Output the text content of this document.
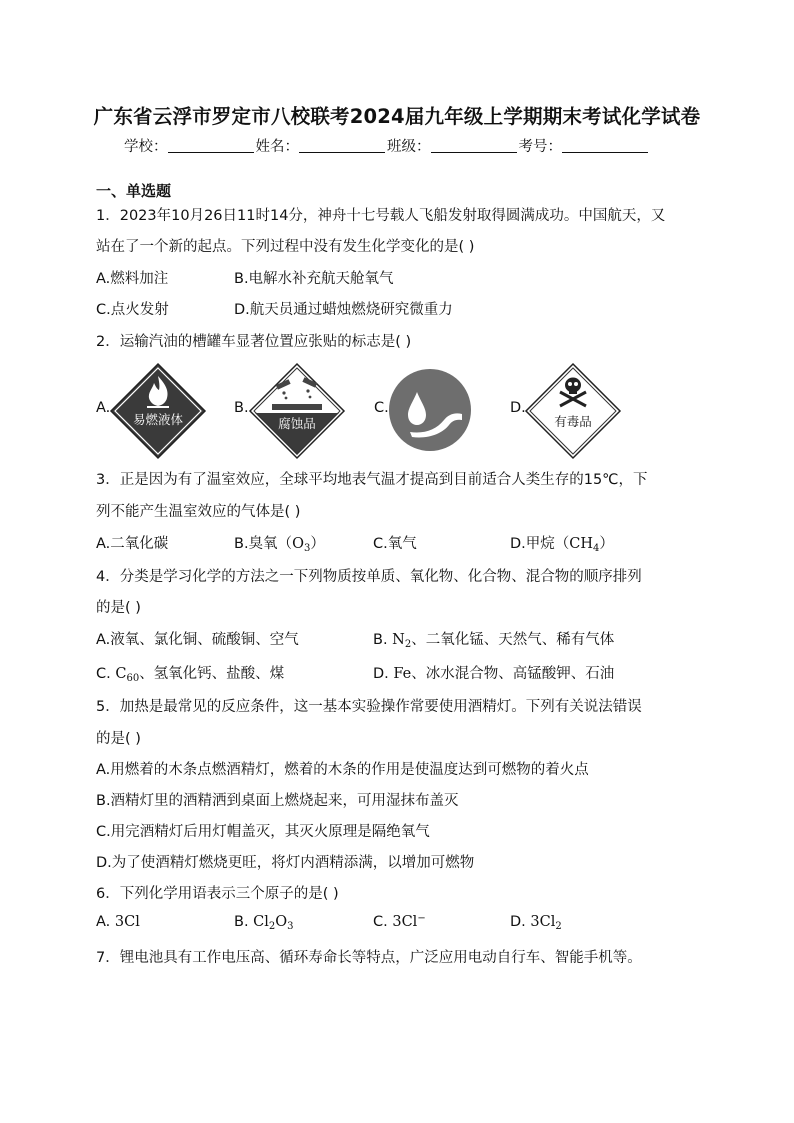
广东省云浮市罗定市八校联考2024届九年级上学期期末考试化学试卷
学校：	姓名：	班级：	考号：
一、单选题
1．2023年10月26日11时14分，神舟十七号载人飞船发射取得圆满成功。中国航天，又
站在了一个新的起点。下列过程中没有发生化学变化的是( )
A.燃料加注	B.电解水补充航天舱氧气
C.点火发射	D.航天员通过蜡烛燃烧研究微重力
2．运输汽油的槽罐车显著位置应张贴的标志是( )
A.
易燃液体
B.
腐蚀品
C.	D.
有毒品
3．正是因为有了温室效应，全球平均地表气温才提高到目前适合人类生存的15℃，下
列不能产生温室效应的气体是( )
A.二氧化碳	B.臭氧$(O_3)$	C.氧气	D.甲烷$(CH_4)$
4．分类是学习化学的方法之一下列物质按单质、氧化物、化合物、混合物的顺序排列
的是( )
A.液氧、氯化铜、硫酸铜、空气	B. $N_2$、二氧化锰、天然气、稀有气体
C. $C_{60}$、氢氧化钙、盐酸、煤	D. Fe、冰水混合物、高锰酸钾、石油
5．加热是最常见的反应条件，这一基本实验操作常要使用酒精灯。下列有关说法错误
的是( )
A.用燃着的木条点燃酒精灯，燃着的木条的作用是使温度达到可燃物的着火点
B.酒精灯里的酒精洒到桌面上燃烧起来，可用湿抹布盖灭
C.用完酒精灯后用灯帽盖灭，其灭火原理是隔绝氧气
D.为了使酒精灯燃烧更旺，将灯内酒精添满，以增加可燃物
6．下列化学用语表示三个原子的是( )
A. 3Cl	B. $Cl_2O_3$	C. 3Cl−	D. $3Cl_2$
7．锂电池具有工作电压高、循环寿命长等特点，广泛应用电动自行车、智能手机等。
